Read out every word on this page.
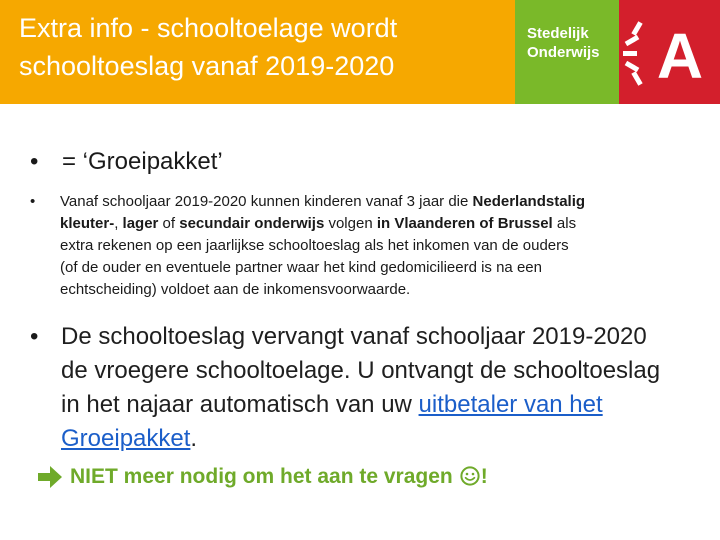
Extra info - schooltoelage wordt
schooltoeslag vanaf 2019-2020
Stedelijk
Onderwijs A
• = ‘Groeipakket’
•	Vanaf schooljaar 2019-2020 kunnen kinderen vanaf 3 jaar die Nederlandstalig
kleuter-, lager of secundair onderwijs volgen in Vlaanderen of Brussel als
extra rekenen op een jaarlijkse schooltoeslag als het inkomen van de ouders
(of de ouder en eventuele partner waar het kind gedomicilieerd is na een
echtscheiding) voldoet aan de inkomensvoorwaarde.
• De schooltoeslag vervangt vanaf schooljaar 2019-2020
de vroegere schooltoelage. U ontvangt de schooltoeslag
in het najaar automatisch van uw uitbetaler van het
Groeipakket.
NIET meer nodig om het aan te vragen !
